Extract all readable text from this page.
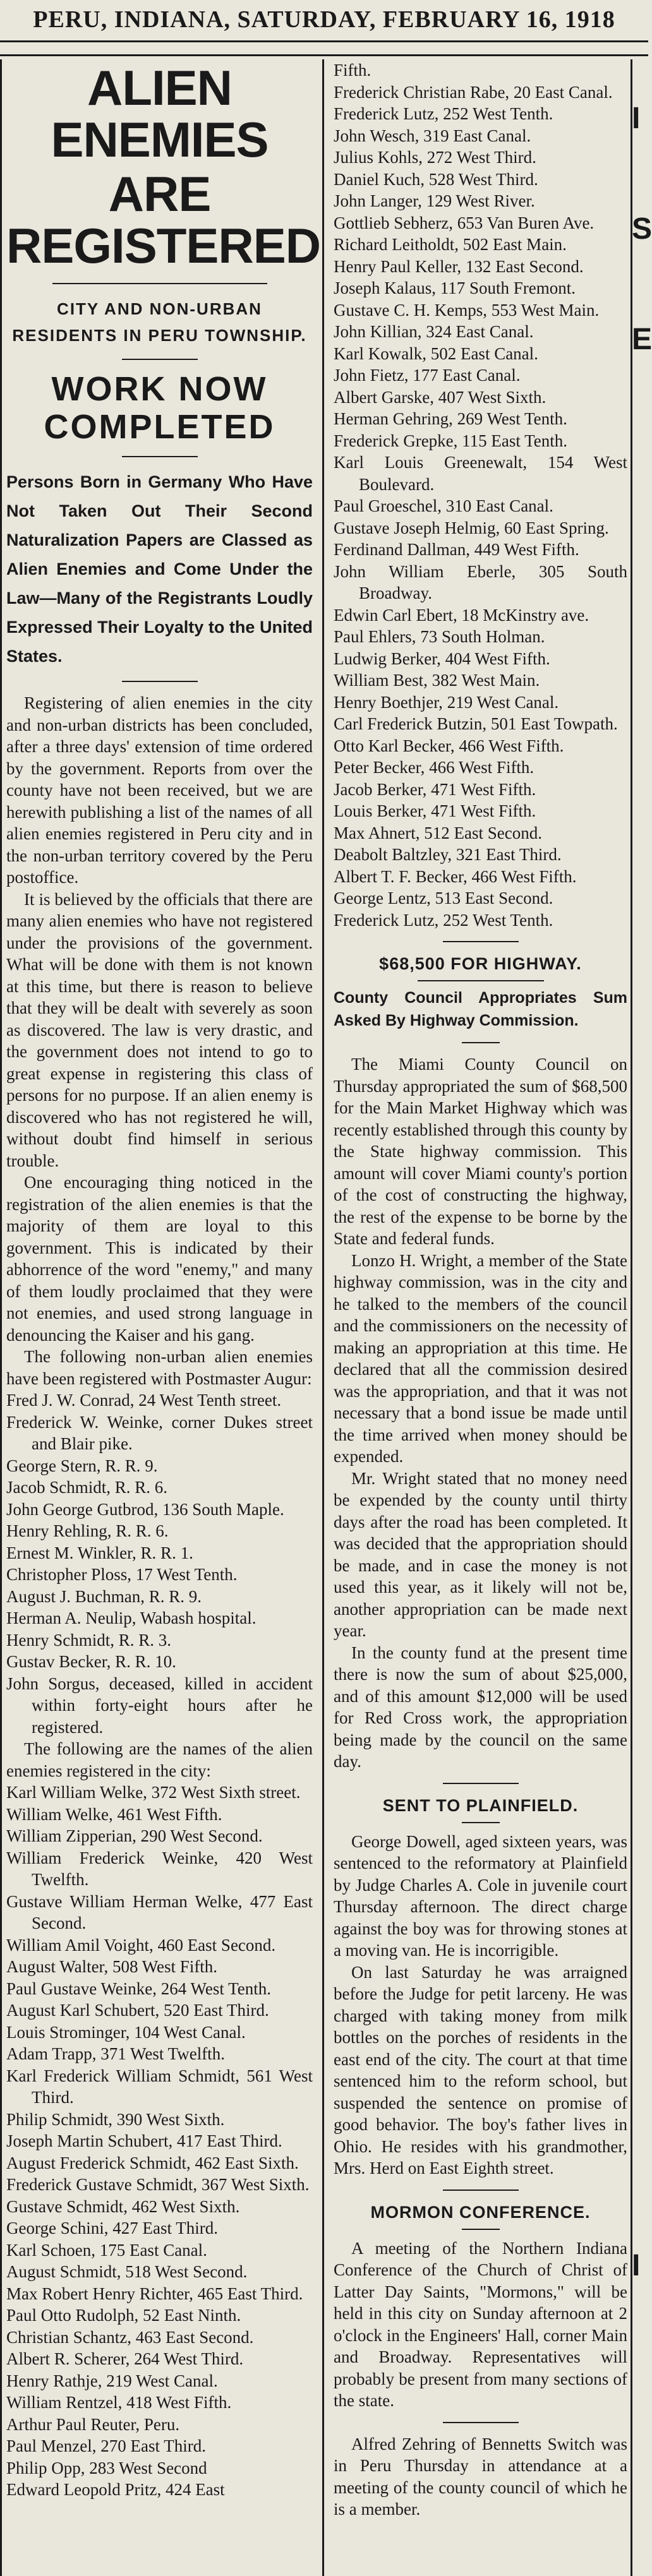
PERU, INDIANA, SATURDAY, FEBRUARY 16, 1918
I
S
E
I
ALIEN ENEMIES
ARE REGISTERED
CITY AND NON-URBAN RESIDENTS IN PERU TOWNSHIP.
WORK NOW COMPLETED
Persons Born in Germany Who Have Not Taken Out Their Second Naturalization Papers are Classed as Alien Enemies and Come Under the Law—Many of the Registrants Loudly Expressed Their Loyalty to the United States.

Registering of alien enemies in the city and non-urban districts has been concluded, after a three days' extension of time ordered by the government. Reports from over the county have not been received, but we are herewith publishing a list of the names of all alien enemies registered in Peru city and in the non-urban territory covered by the Peru postoffice.

It is believed by the officials that there are many alien enemies who have not registered under the provisions of the government. What will be done with them is not known at this time, but there is reason to believe that they will be dealt with severely as soon as discovered. The law is very drastic, and the government does not intend to go to great expense in registering this class of persons for no purpose. If an alien enemy is discovered who has not registered he will, without doubt find himself in serious trouble.

One encouraging thing noticed in the registration of the alien enemies is that the majority of them are loyal to this government. This is indicated by their abhorrence of the word "enemy," and many of them loudly proclaimed that they were not enemies, and used strong language in denouncing the Kaiser and his gang.

The following non-urban alien enemies have been registered with Postmaster Augur:

Fred J. W. Conrad, 24 West Tenth street.

Frederick W. Weinke, corner Dukes street and Blair pike.

George Stern, R. R. 9.

Jacob Schmidt, R. R. 6.

John George Gutbrod, 136 South Maple.

Henry Rehling, R. R. 6.

Ernest M. Winkler, R. R. 1.

Christopher Ploss, 17 West Tenth.

August J. Buchman, R. R. 9.

Herman A. Neulip, Wabash hospital.

Henry Schmidt, R. R. 3.

Gustav Becker, R. R. 10.

John Sorgus, deceased, killed in accident within forty-eight hours after he registered.

The following are the names of the alien enemies registered in the city:

Karl William Welke, 372 West Sixth street.

William Welke, 461 West Fifth.

William Zipperian, 290 West Second.

William Frederick Weinke, 420 West Twelfth.

Gustave William Herman Welke, 477 East Second.

William Amil Voight, 460 East Second.

August Walter, 508 West Fifth.

Paul Gustave Weinke, 264 West Tenth.

August Karl Schubert, 520 East Third.

Louis Strominger, 104 West Canal.

Adam Trapp, 371 West Twelfth.

Karl Frederick William Schmidt, 561 West Third.

Philip Schmidt, 390 West Sixth.

Joseph Martin Schubert, 417 East Third.

August Frederick Schmidt, 462 East Sixth.

Frederick Gustave Schmidt, 367 West Sixth.

Gustave Schmidt, 462 West Sixth.

George Schini, 427 East Third.

Karl Schoen, 175 East Canal.

August Schmidt, 518 West Second.

Max Robert Henry Richter, 465 East Third.

Paul Otto Rudolph, 52 East Ninth.

Christian Schantz, 463 East Second.

Albert R. Scherer, 264 West Third.

Henry Rathje, 219 West Canal.

William Rentzel, 418 West Fifth.

Arthur Paul Reuter, Peru.

Paul Menzel, 270 East Third.

Philip Opp, 283 West Second

Edward Leopold Pritz, 424 East

Fifth.

Frederick Christian Rabe, 20 East Canal.

Frederick Lutz, 252 West Tenth.

John Wesch, 319 East Canal.

Julius Kohls, 272 West Third.

Daniel Kuch, 528 West Third.

John Langer, 129 West River.

Gottlieb Sebherz, 653 Van Buren Ave.

Richard Leitholdt, 502 East Main.

Henry Paul Keller, 132 East Second.

Joseph Kalaus, 117 South Fremont.

Gustave C. H. Kemps, 553 West Main.

John Killian, 324 East Canal.

Karl Kowalk, 502 East Canal.

John Fietz, 177 East Canal.

Albert Garske, 407 West Sixth.

Herman Gehring, 269 West Tenth.

Frederick Grepke, 115 East Tenth.

Karl Louis Greenewalt, 154 West Boulevard.

Paul Groeschel, 310 East Canal.

Gustave Joseph Helmig, 60 East Spring.

Ferdinand Dallman, 449 West Fifth.

John William Eberle, 305 South Broadway.

Edwin Carl Ebert, 18 McKinstry ave.

Paul Ehlers, 73 South Holman.

Ludwig Berker, 404 West Fifth.

William Best, 382 West Main.

Henry Boethjer, 219 West Canal.

Carl Frederick Butzin, 501 East Towpath.

Otto Karl Becker, 466 West Fifth.

Peter Becker, 466 West Fifth.

Jacob Berker, 471 West Fifth.

Louis Berker, 471 West Fifth.

Max Ahnert, 512 East Second.

Deabolt Baltzley, 321 East Third.

Albert T. F. Becker, 466 West Fifth.

George Lentz, 513 East Second.

Frederick Lutz, 252 West Tenth.

$68,500 FOR HIGHWAY.
County Council Appropriates Sum Asked By Highway Commission.

The Miami County Council on Thursday appropriated the sum of $68,500 for the Main Market Highway which was recently established through this county by the State highway commission. This amount will cover Miami county's portion of the cost of constructing the highway, the rest of the expense to be borne by the State and federal funds.

Lonzo H. Wright, a member of the State highway commission, was in the city and he talked to the members of the council and the commissioners on the necessity of making an appropriation at this time. He declared that all the commission desired was the appropriation, and that it was not necessary that a bond issue be made until the time arrived when money should be expended.

Mr. Wright stated that no money need be expended by the county until thirty days after the road has been completed. It was decided that the appropriation should be made, and in case the money is not used this year, as it likely will not be, another appropriation can be made next year.

In the county fund at the present time there is now the sum of about $25,000, and of this amount $12,000 will be used for Red Cross work, the appropriation being made by the council on the same day.

SENT TO PLAINFIELD.

George Dowell, aged sixteen years, was sentenced to the reformatory at Plainfield by Judge Charles A. Cole in juvenile court Thursday afternoon. The direct charge against the boy was for throwing stones at a moving van. He is incorrigible.

On last Saturday he was arraigned before the Judge for petit larceny. He was charged with taking money from milk bottles on the porches of residents in the east end of the city. The court at that time sentenced him to the reform school, but suspended the sentence on promise of good behavior. The boy's father lives in Ohio. He resides with his grandmother, Mrs. Herd on East Eighth street.

MORMON CONFERENCE.

A meeting of the Northern Indiana Conference of the Church of Christ of Latter Day Saints, "Mormons," will be held in this city on Sunday afternoon at 2 o'clock in the Engineers' Hall, corner Main and Broadway. Representatives will probably be present from many sections of the state.

Alfred Zehring of Bennetts Switch was in Peru Thursday in attendance at a meeting of the county council of which he is a member.
